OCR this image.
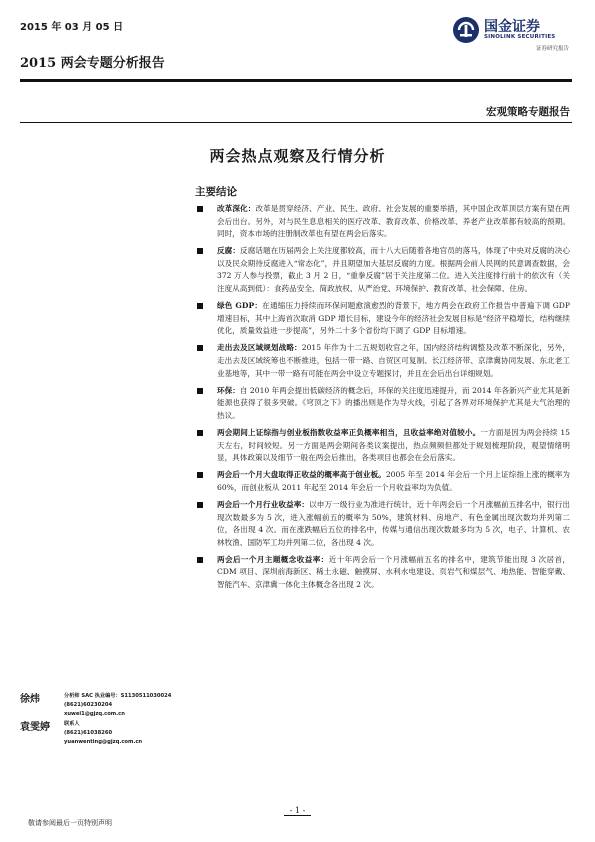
2015 年 03 月 05 日
2015 两会专题分析报告
国金证券
SINOLINK SECURITIES
证券研究报告
宏观策略专题报告
两会热点观察及行情分析
主要结论
改革深化：改革是贯穿经济、产业、民生、政府、社会发展的重要举措，其中国企改革顶层方案有望在两会后出台。另外，对与民生息息相关的医疗改革、教育改革、价格改革、养老产业改革都有较高的预期。同时，资本市场的注册制改革也有望在两会后落实。
反腐：反腐话题在历届两会上关注度都较高，而十八大后随着各地官员的落马，体现了中央对反腐的决心以及民众期待反腐进入“常态化”，并且期望加大基层反腐的力度。根据两会前人民网的民意调查数据，会 372 万人参与投票，截止 3 月 2 日，“重拳反腐”居于关注度第二位。进入关注度排行前十的依次有（关注度从高到低）：食药品安全、简政放权、从严治党、环境保护、教育改革、社会保障、住房。
绿色 GDP：在通缩压力持续而环保问题愈演愈烈的背景下，地方两会在政府工作报告中普遍下调 GDP 增速目标，其中上海首次取消 GDP 增长目标，建设今年的经济社会发展目标是“经济平稳增长，结构继续优化，质量效益进一步提高”，另外二十多个省份均下调了 GDP 目标增速。
走出去及区域规划战略：2015 年作为十二五规划收官之年，国内经济结构调整及改革不断深化，另外，走出去及区域统筹也不断推进，包括一带一路、自贸区可复制、长江经济带、京津冀协同发展、东北老工业基地等，其中一带一路有可能在两会中设立专题探讨，并且在会后出台详细规划。
环保：自 2010 年两会提出低碳经济的概念后，环保的关注度迅速提升，而 2014 年各新兴产业尤其是新能源也获得了很多突破。《穹顶之下》的播出则是作为导火线，引起了各界对环境保护尤其是大气治理的热议。
两会期间上证综指与创业板指数收益率正负概率相当，且收益率绝对值较小。一方面是因为两会持续 15 天左右，时间较短。另一方面是两会期间各类议案提出，热点频频但都处于规划梳理阶段，观望情绪明显，具体政策以及细节一般在两会后推出，各类项目也都会在会后落实。
两会后一个月大盘取得正收益的概率高于创业板。2005 年至 2014 年会后一个月上证综指上涨的概率为 60%，而创业板从 2011 年起至 2014 年会后一个月收益率均为负值。
两会后一个月行业收益率：以申万一级行业为准进行统计，近十年两会后一个月涨幅前五排名中，银行出现次数最多为 5 次，进入涨幅前五的概率为 50%，建筑材料、房地产、有色金属出现次数均并列第二位，各出现 4 次。而在涨跌幅后五位的排名中，传媒与通信出现次数最多均为 5 次，电子、计算机、农林牧渔、国防军工均并列第二位，各出现 4 次。
两会后一个月主题概念收益率：近十年两会后一个月涨幅前五名的排名中，建筑节能出现 3 次居首，CDM 项目、深圳前海新区、稀土永磁、触摸屏、水利水电建设、页岩气和煤层气、地热能、智能穿戴、智能汽车、京津冀一体化主体概念各出现 2 次。
徐炜	分析师 SAC 执业编号：S1130511030024
(8621)60230204
xuwei1@gjzq.com.cn
袁雯婷	联系人
(8621)61038260
yuanwenting@gjzq.com.cn
- 1 -
敬请参阅最后一页特别声明
